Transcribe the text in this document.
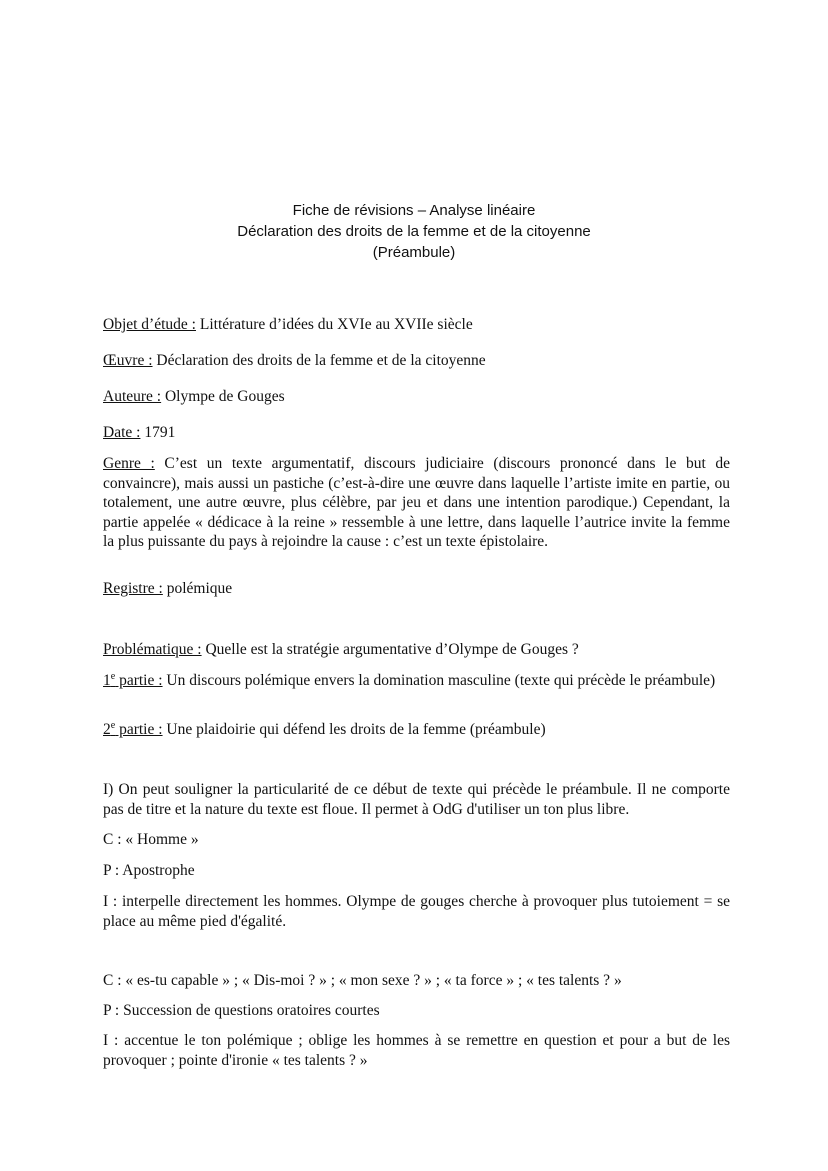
Fiche de révisions – Analyse linéaire
Déclaration des droits de la femme et de la citoyenne
(Préambule)
Objet d’étude : Littérature d’idées du XVIe au XVIIe siècle
Œuvre : Déclaration des droits de la femme et de la citoyenne
Auteure : Olympe de Gouges
Date : 1791
Genre : C’est un texte argumentatif, discours judiciaire (discours prononcé dans le but de convaincre), mais aussi un pastiche (c’est-à-dire une œuvre dans laquelle l’artiste imite en partie, ou totalement, une autre œuvre, plus célèbre, par jeu et dans une intention parodique.) Cependant, la partie appelée « dédicace à la reine » ressemble à une lettre, dans laquelle l’autrice invite la femme la plus puissante du pays à rejoindre la cause : c’est un texte épistolaire.
Registre : polémique
Problématique : Quelle est la stratégie argumentative d’Olympe de Gouges ?
1e partie : Un discours polémique envers la domination masculine (texte qui précède le préambule)
2e partie : Une plaidoirie qui défend les droits de la femme (préambule)
I) On peut souligner la particularité de ce début de texte qui précède le préambule. Il ne comporte pas de titre et la nature du texte est floue. Il permet à OdG d'utiliser un ton plus libre.
C : « Homme »
P : Apostrophe
I : interpelle directement les hommes. Olympe de gouges cherche à provoquer plus tutoiement = se place au même pied d'égalité.
C : « es-tu capable » ; « Dis-moi ? » ; « mon sexe ? » ; « ta force » ; « tes talents ? »
P : Succession de questions oratoires courtes
I : accentue le ton polémique ; oblige les hommes à se remettre en question et pour a but de les provoquer ; pointe d'ironie « tes talents ? »
